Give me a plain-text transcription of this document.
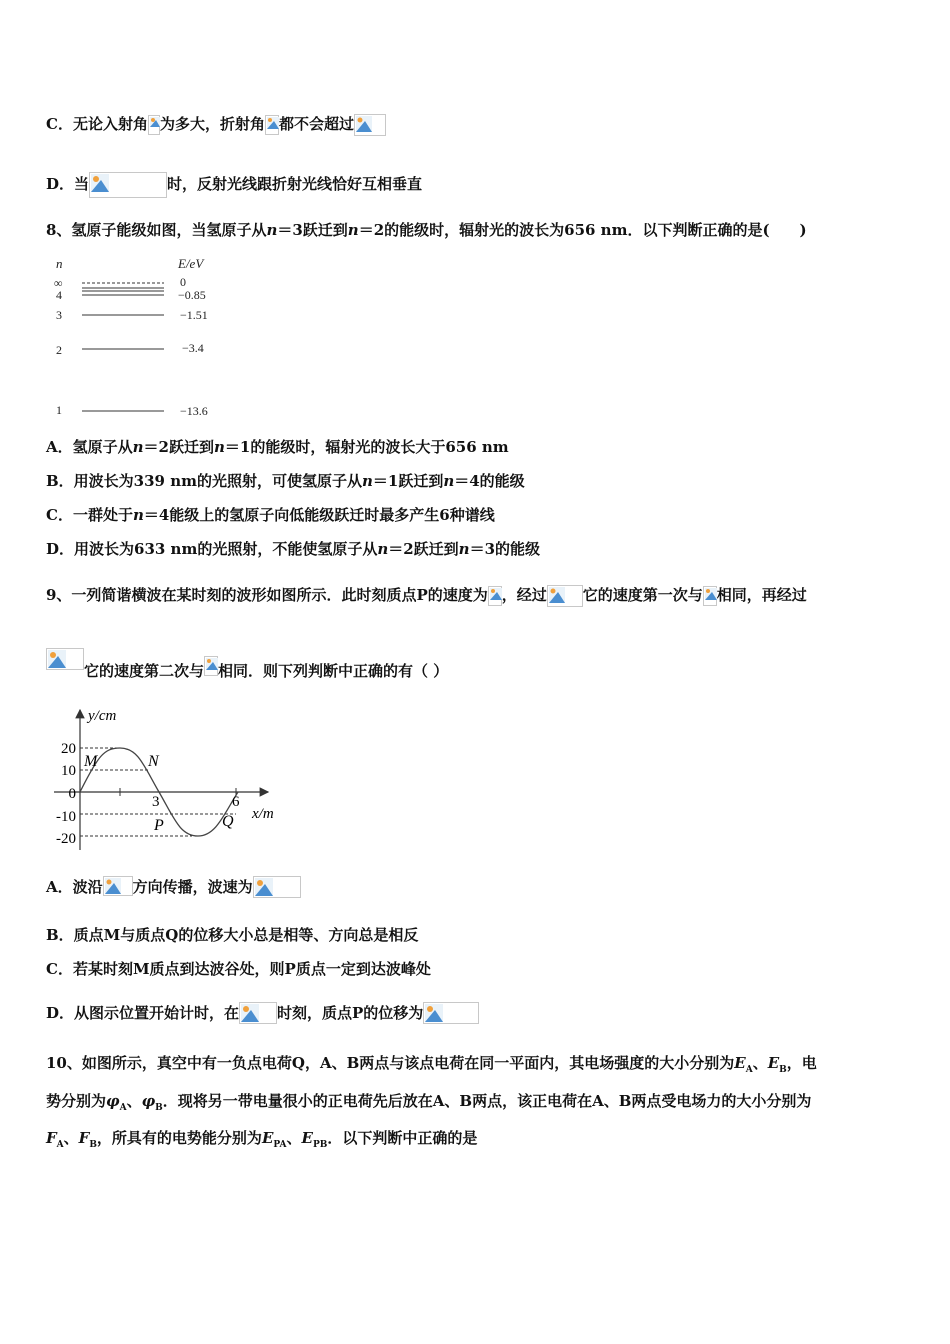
C．无论入射角 为多大，折射角 都不会超过
D．当	时，反射光线跟折射光线恰好互相垂直
8、氢原子能级如图，当氢原子从n＝3跃迁到n＝2的能级时，辐射光的波长为656 nm．以下判断正确的是(　　)
n	E/eV
∞	0
4	−0.85
3	−1.51
2	−3.4
1	−13.6
A．氢原子从n＝2跃迁到n＝1的能级时，辐射光的波长大于656 nm
B．用波长为339 nm的光照射，可使氢原子从n＝1跃迁到n＝4的能级
C．一群处于n＝4能级上的氢原子向低能级跃迁时最多产生6种谱线
D．用波长为633 nm的光照射，不能使氢原子从n＝2跃迁到n＝3的能级
9、一列简谐横波在某时刻的波形如图所示．此时刻质点P的速度为 ，经过 它的速度第一次与 相同，再经过
它的速度第二次与 相同．则下列判断中正确的有（ ）
y/cm
x/m
20
10
0
-10
-20
3	6
M	N
P	Q
A．波沿 方向传播，波速为
B．质点M与质点Q的位移大小总是相等、方向总是相反
C．若某时刻M质点到达波谷处，则P质点一定到达波峰处
D．从图示位置开始计时，在	时刻，质点P的位移为
10、如图所示，真空中有一负点电荷Q，A、B两点与该点电荷在同一平面内，其电场强度的大小分别为$E_A$、$E_B$，电
势分别为$\varphi_A$、$\varphi_B$．现将另一带电量很小的正电荷先后放在A、B两点，该正电荷在A、B两点受电场力的大小分别为
$F_A$、$F_B$，所具有的电势能分别为$E_{PA}$、$E_{PB}$．以下判断中正确的是
